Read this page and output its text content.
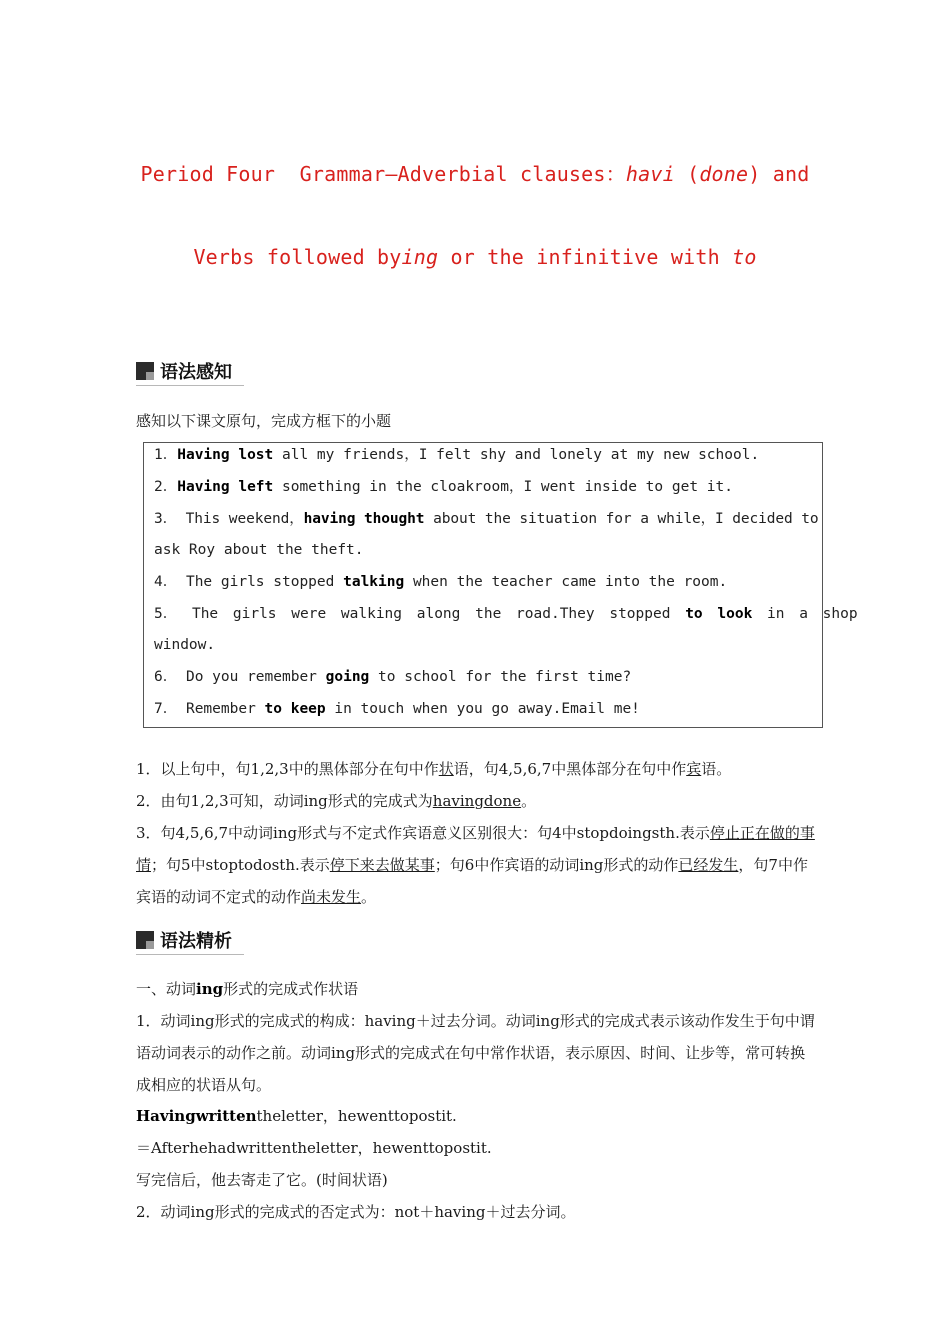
Period Four  Grammar—Adverbial clauses：havi (done) and
Verbs followed bying or the infinitive with to
语法感知

感知以下课文原句，完成方框下的小题

1．Having lost all my friends，I felt shy and lonely at my new school.
2．Having left something in the cloakroom，I went inside to get it.
3． This weekend，having thought about the situation for a while，I decided to
ask Roy about the theft.
4． The girls stopped talking when the teacher came into the room.
5． The girls were walking along the road.They stopped to look in a shop
window.
6． Do you remember going to school for the first time?
7． Remember to keep in touch when you go away.Email me!

1．以上句中，句1,2,3中的黑体部分在句中作状语，句4,5,6,7中黑体部分在句中作宾语。

2．由句1,2,3可知，动词ing形式的完成式为havingdone。

3．句4,5,6,7中动词ing形式与不定式作宾语意义区别很大：句4中stopdoingsth.表示停止正在做的事情；句5中stoptodosth.表示停下来去做某事；句6中作宾语的动词ing形式的动作已经发生，句7中作宾语的动词不定式的动作尚未发生。

语法精析

一、动词ing形式的完成式作状语

1．动词ing形式的完成式的构成：having＋过去分词。动词ing形式的完成式表示该动作发生于句中谓语动词表示的动作之前。动词ing形式的完成式在句中常作状语，表示原因、时间、让步等，常可转换成相应的状语从句。

Havingwrittentheletter，hewenttopostit.

＝Afterhehadwrittentheletter，hewenttopostit.

写完信后，他去寄走了它。(时间状语)

2．动词ing形式的完成式的否定式为：not＋having＋过去分词。
